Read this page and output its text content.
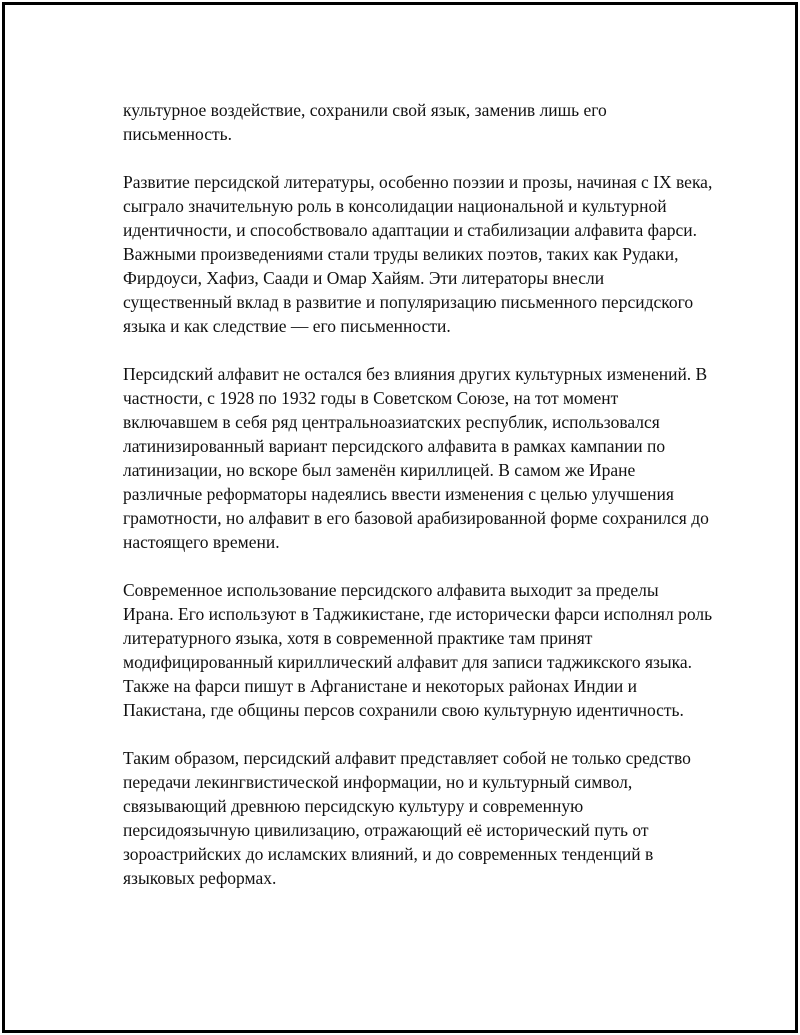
культурное воздействие, сохранили свой язык, заменив лишь его письменность.

Развитие персидской литературы, особенно поэзии и прозы, начиная с IX века, сыграло значительную роль в консолидации национальной и культурной идентичности, и способствовало адаптации и стабилизации алфавита фарси. Важными произведениями стали труды великих поэтов, таких как Рудаки, Фирдоуси, Хафиз, Саади и Омар Хайям. Эти литераторы внесли существенный вклад в развитие и популяризацию письменного персидского языка и как следствие — его письменности.

Персидский алфавит не остался без влияния других культурных изменений. В частности, с 1928 по 1932 годы в Советском Союзе, на тот момент включавшем в себя ряд центральноазиатских республик, использовался латинизированный вариант персидского алфавита в рамках кампании по латинизации, но вскоре был заменён кириллицей. В самом же Иране различные реформаторы надеялись ввести изменения с целью улучшения грамотности, но алфавит в его базовой арабизированной форме сохранился до настоящего времени.

Современное использование персидского алфавита выходит за пределы Ирана. Его используют в Таджикистане, где исторически фарси исполнял роль литературного языка, хотя в современной практике там принят модифицированный кириллический алфавит для записи таджикского языка. Также на фарси пишут в Афганистане и некоторых районах Индии и Пакистана, где общины персов сохранили свою культурную идентичность.

Таким образом, персидский алфавит представляет собой не только средство передачи лекингвистической информации, но и культурный символ, связывающий древнюю персидскую культуру и современную персидоязычную цивилизацию, отражающий её исторический путь от зороастрийских до исламских влияний, и до современных тенденций в языковых реформах.
